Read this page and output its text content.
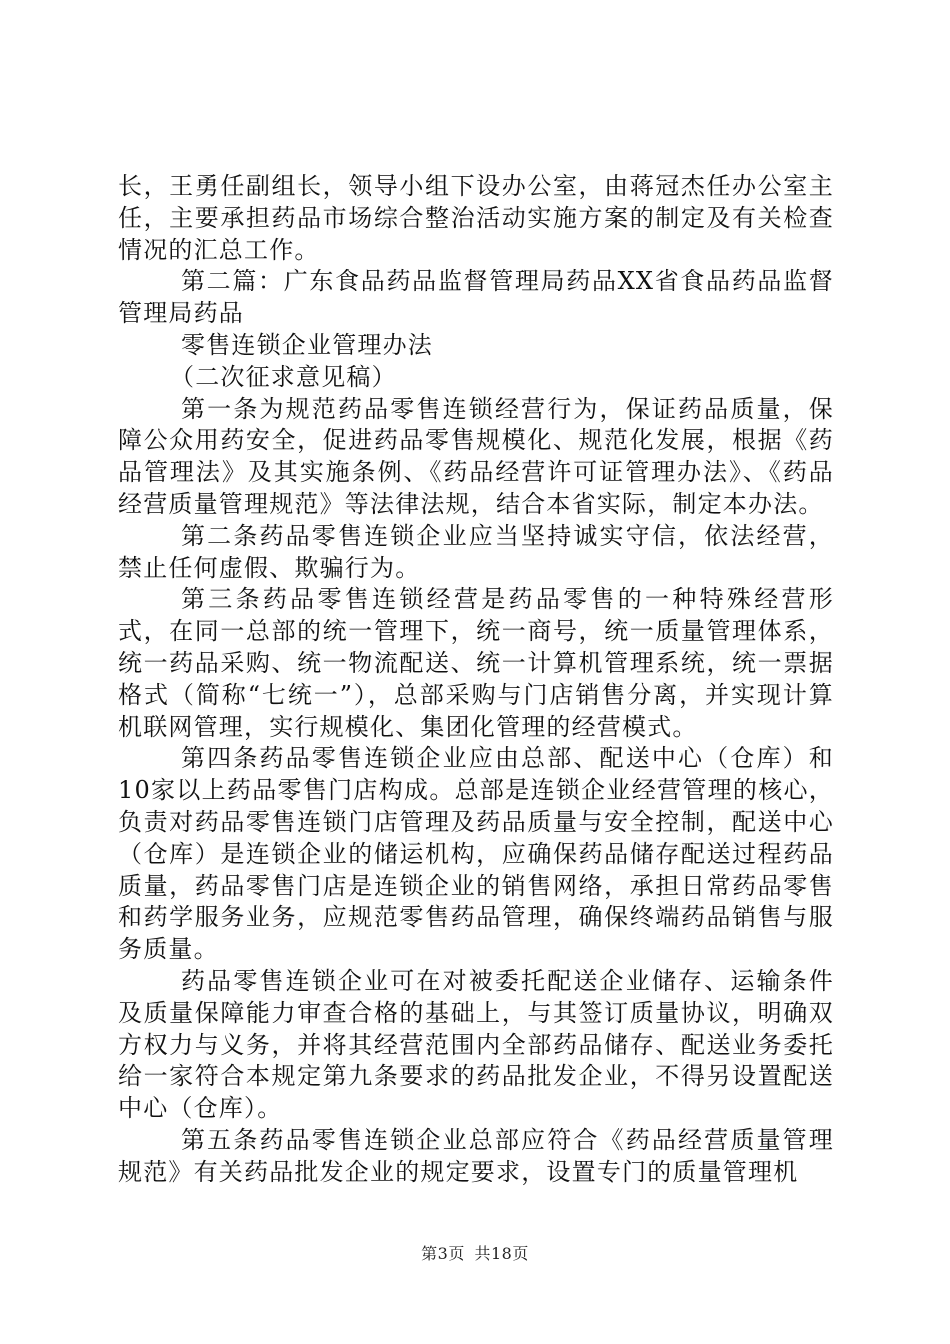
长，王勇任副组长，领导小组下设办公室，由蒋冠杰任办公室主任，主要承担药品市场综合整治活动实施方案的制定及有关检查情况的汇总工作。

第二篇：广东食品药品监督管理局药品XX省食品药品监督管理局药品

零售连锁企业管理办法

（二次征求意见稿）

第一条为规范药品零售连锁经营行为，保证药品质量，保障公众用药安全，促进药品零售规模化、规范化发展，根据《药品管理法》及其实施条例、《药品经营许可证管理办法》、《药品经营质量管理规范》等法律法规，结合本省实际，制定本办法。

第二条药品零售连锁企业应当坚持诚实守信，依法经营，禁止任何虚假、欺骗行为。

第三条药品零售连锁经营是药品零售的一种特殊经营形式，在同一总部的统一管理下，统一商号，统一质量管理体系，统一药品采购、统一物流配送、统一计算机管理系统，统一票据格式（简称“七统一”），总部采购与门店销售分离，并实现计算机联网管理，实行规模化、集团化管理的经营模式。

第四条药品零售连锁企业应由总部、配送中心（仓库）和10家以上药品零售门店构成。总部是连锁企业经营管理的核心，负责对药品零售连锁门店管理及药品质量与安全控制，配送中心（仓库）是连锁企业的储运机构，应确保药品储存配送过程药品质量，药品零售门店是连锁企业的销售网络，承担日常药品零售和药学服务业务，应规范零售药品管理，确保终端药品销售与服务质量。

药品零售连锁企业可在对被委托配送企业储存、运输条件及质量保障能力审查合格的基础上，与其签订质量协议，明确双方权力与义务，并将其经营范围内全部药品储存、配送业务委托给一家符合本规定第九条要求的药品批发企业，不得另设置配送中心（仓库）。

第五条药品零售连锁企业总部应符合《药品经营质量管理规范》有关药品批发企业的规定要求，设置专门的质量管理机

第3页 共18页
